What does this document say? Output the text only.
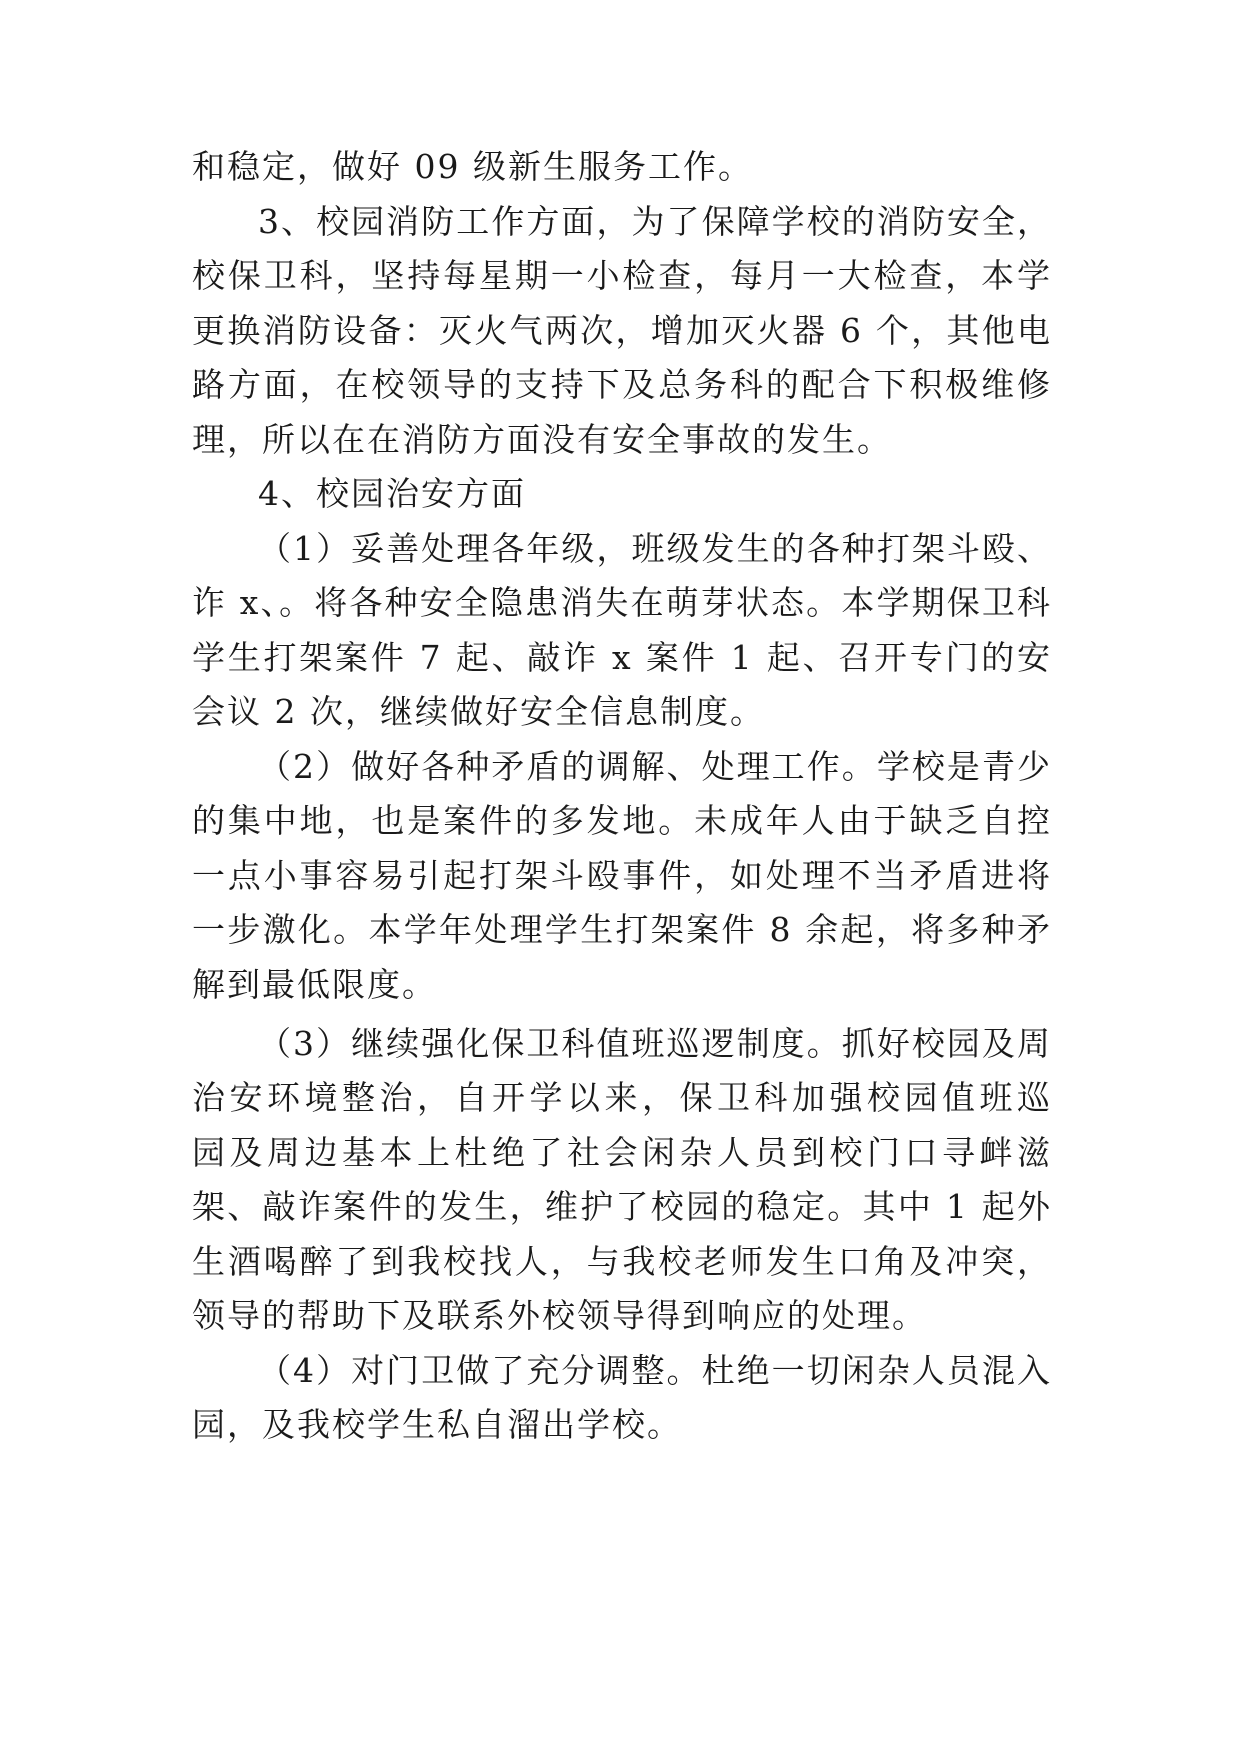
和稳定，做好 09 级新生服务工作。

3、校园消防工作方面，为了保障学校的消防安全，

校保卫科，坚持每星期一小检查，每月一大检查，本学

更换消防设备：灭火气两次，增加灭火器 6 个，其他电

路方面，在校领导的支持下及总务科的配合下积极维修

理，所以在在消防方面没有安全事故的发生。

4、校园治安方面

（1）妥善处理各年级，班级发生的各种打架斗殴、

诈 x、。将各种安全隐患消失在萌芽状态。本学期保卫科

学生打架案件 7 起、敲诈 x 案件 1 起、召开专门的安

会议 2 次，继续做好安全信息制度。

（2）做好各种矛盾的调解、处理工作。学校是青少

的集中地，也是案件的多发地。未成年人由于缺乏自控

一点小事容易引起打架斗殴事件，如处理不当矛盾进将

一步激化。本学年处理学生打架案件 8 余起，将多种矛

解到最低限度。

（3）继续强化保卫科值班巡逻制度。抓好校园及周

治安环境整治，自开学以来，保卫科加强校园值班巡

园及周边基本上杜绝了社会闲杂人员到校门口寻衅滋

架、敲诈案件的发生，维护了校园的稳定。其中 1 起外

生酒喝醉了到我校找人，与我校老师发生口角及冲突，

领导的帮助下及联系外校领导得到响应的处理。

（4）对门卫做了充分调整。杜绝一切闲杂人员混入

园，及我校学生私自溜出学校。
